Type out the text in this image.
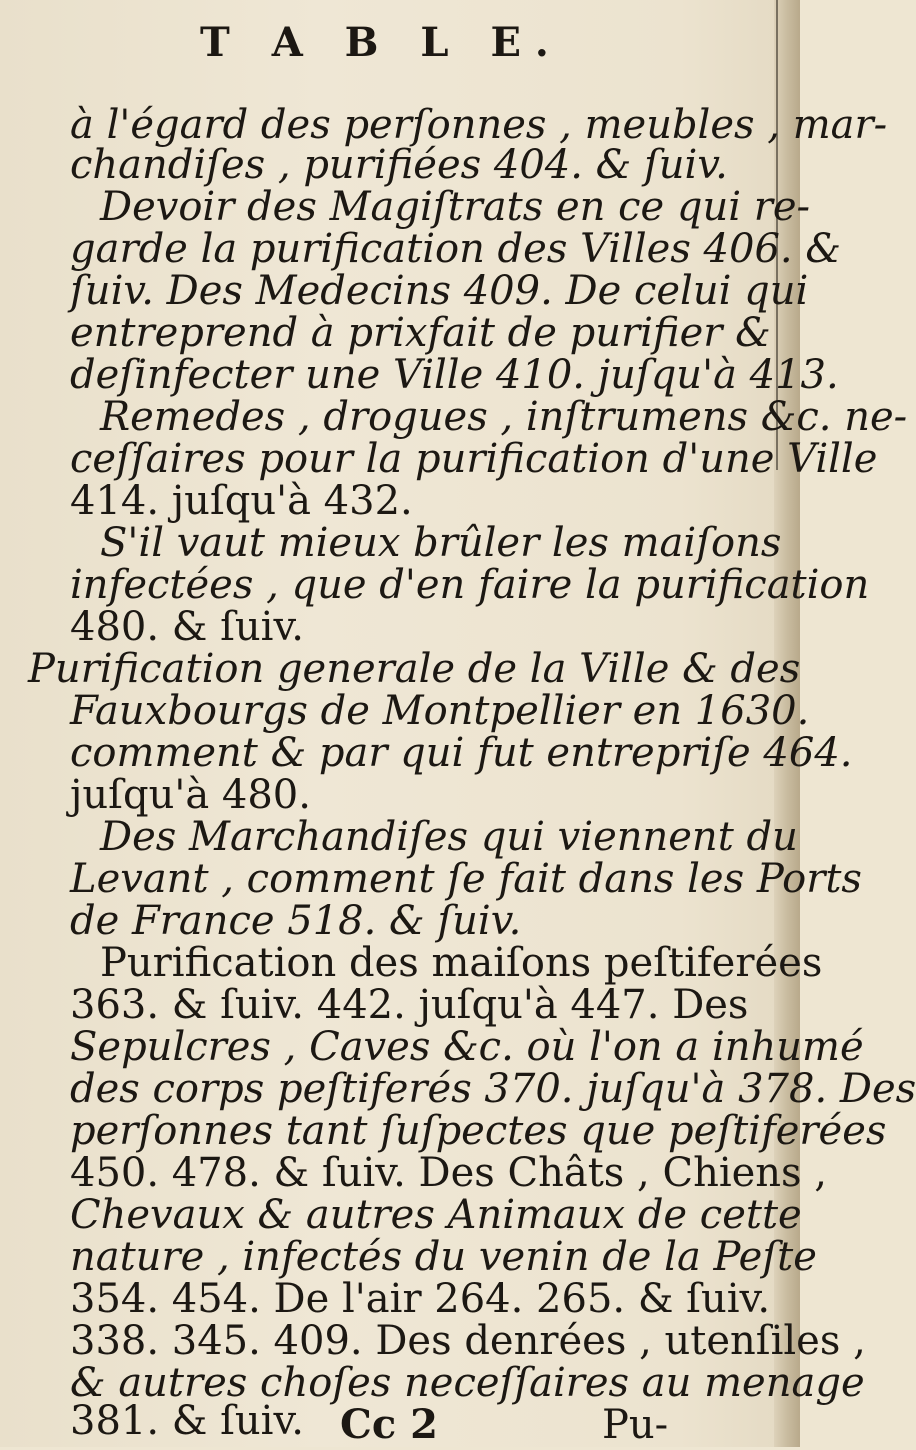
T A B L E.
à l'égard des perſonnes , meubles , mar‑
chandiſes , purifiées 404. & ſuiv.
Devoir des Magiſtrats en ce qui re‑
garde la purification des Villes 406. &
ſuiv. Des Medecins 409. De celui qui
entreprend à prixfait de purifier &
deſinfecter une Ville 410. juſqu'à 413.
Remedes , drogues , inſtrumens &c. ne‑
ceſſaires pour la purification d'une Ville
414. juſqu'à 432.
S'il vaut mieux brûler les maiſons
infectées , que d'en faire la purification
480. & ſuiv.
Purification generale de la Ville & des
Fauxbourgs de Montpellier en 1630.
comment & par qui fut entrepriſe 464.
juſqu'à 480.
Des Marchandiſes qui viennent du
Levant , comment ſe fait dans les Ports
de France 518. & ſuiv.
Purification des maiſons peſtiferées
363. & ſuiv. 442. juſqu'à 447. Des
Sepulcres , Caves &c. où l'on a inhumé
des corps peſtiferés 370. juſqu'à 378. Des
perſonnes tant ſuſpectes que peſtiferées
450. 478. & ſuiv. Des Châts , Chiens ,
Chevaux & autres Animaux de cette
nature , infectés du venin de la Peſte
354. 454. De l'air 264. 265. & ſuiv.
338. 345. 409. Des denrées , utenſiles ,
& autres choſes neceſſaires au menage
381. & ſuiv. Cc 2	Pu‑
